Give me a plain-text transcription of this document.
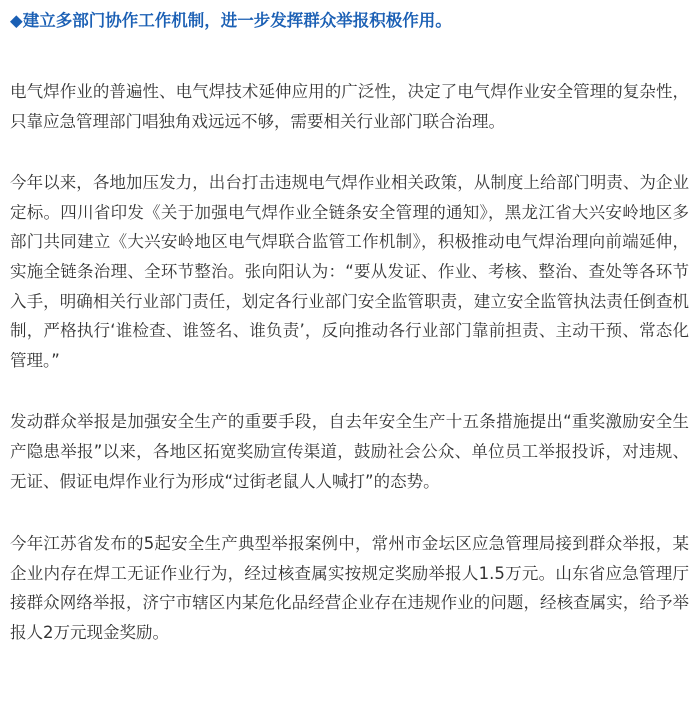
◆建立多部门协作工作机制，进一步发挥群众举报积极作用。

电气焊作业的普遍性、电气焊技术延伸应用的广泛性，决定了电气焊作业安全管理的复杂性，只靠应急管理部门唱独角戏远远不够，需要相关行业部门联合治理。

今年以来，各地加压发力，出台打击违规电气焊作业相关政策，从制度上给部门明责、为企业定标。四川省印发《关于加强电气焊作业全链条安全管理的通知》，黑龙江省大兴安岭地区多部门共同建立《大兴安岭地区电气焊联合监管工作机制》，积极推动电气焊治理向前端延伸，实施全链条治理、全环节整治。张向阳认为：“要从发证、作业、考核、整治、查处等各环节入手，明确相关行业部门责任，划定各行业部门安全监管职责，建立安全监管执法责任倒查机制，严格执行‘谁检查、谁签名、谁负责’，反向推动各行业部门靠前担责、主动干预、常态化管理。”

发动群众举报是加强安全生产的重要手段，自去年安全生产十五条措施提出“重奖激励安全生产隐患举报”以来，各地区拓宽奖励宣传渠道，鼓励社会公众、单位员工举报投诉，对违规、无证、假证电焊作业行为形成“过街老鼠人人喊打”的态势。

今年江苏省发布的5起安全生产典型举报案例中，常州市金坛区应急管理局接到群众举报，某企业内存在焊工无证作业行为，经过核查属实按规定奖励举报人1.5万元。山东省应急管理厅接群众网络举报，济宁市辖区内某危化品经营企业存在违规作业的问题，经核查属实，给予举报人2万元现金奖励。
